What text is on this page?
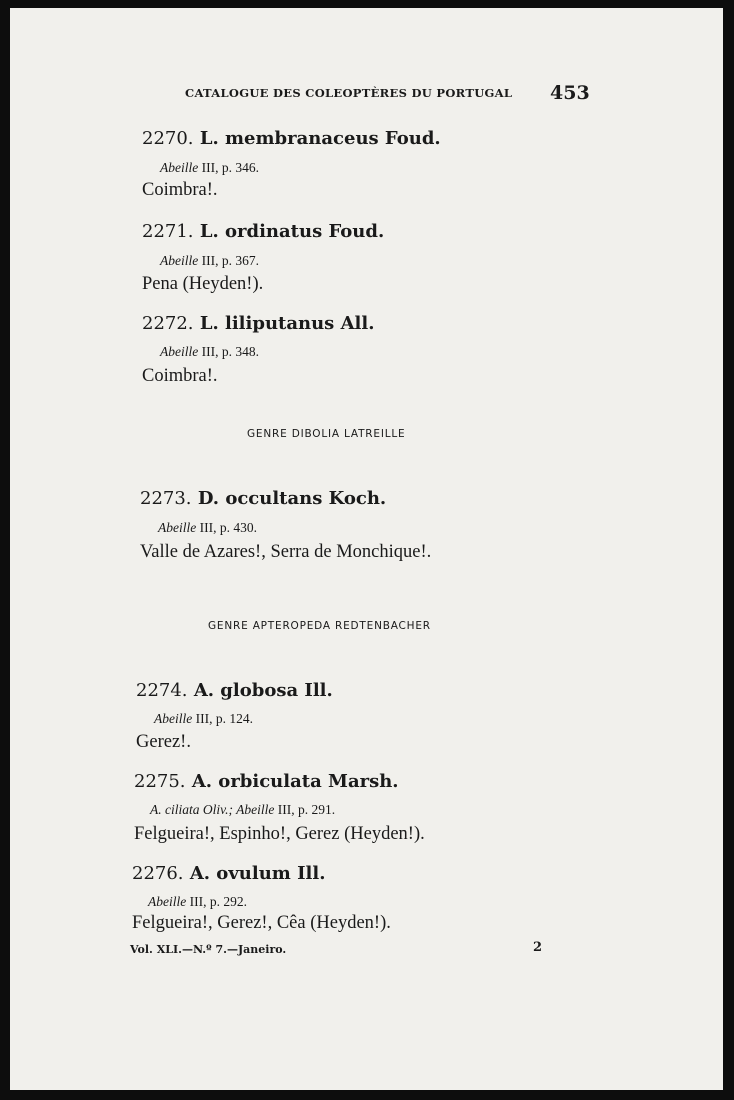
CATALOGUE DES COLEOPTÈRES DU PORTUGAL 453
2270. L. membranaceus Foud.
Abeille III, p. 346.
Coimbra!.
2271. L. ordinatus Foud.
Abeille III, p. 367.
Pena (Heyden!).
2272. L. liliputanus All.
Abeille III, p. 348.
Coimbra!.
GENRE DIBOLIA LATREILLE
2273. D. occultans Koch.
Abeille III, p. 430.
Valle de Azares!, Serra de Monchique!.
GENRE APTEROPEDA REDTENBACHER
2274. A. globosa Ill.
Abeille III, p. 124.
Gerez!.
2275. A. orbiculata Marsh.
A. ciliata Oliv.; Abeille III, p. 291.
Felgueira!, Espinho!, Gerez (Heyden!).
2276. A. ovulum Ill.
Abeille III, p. 292.
Felgueira!, Gerez!, Cêa (Heyden!).
Vol. XLI.—N.º 7.—Janeiro.	2
